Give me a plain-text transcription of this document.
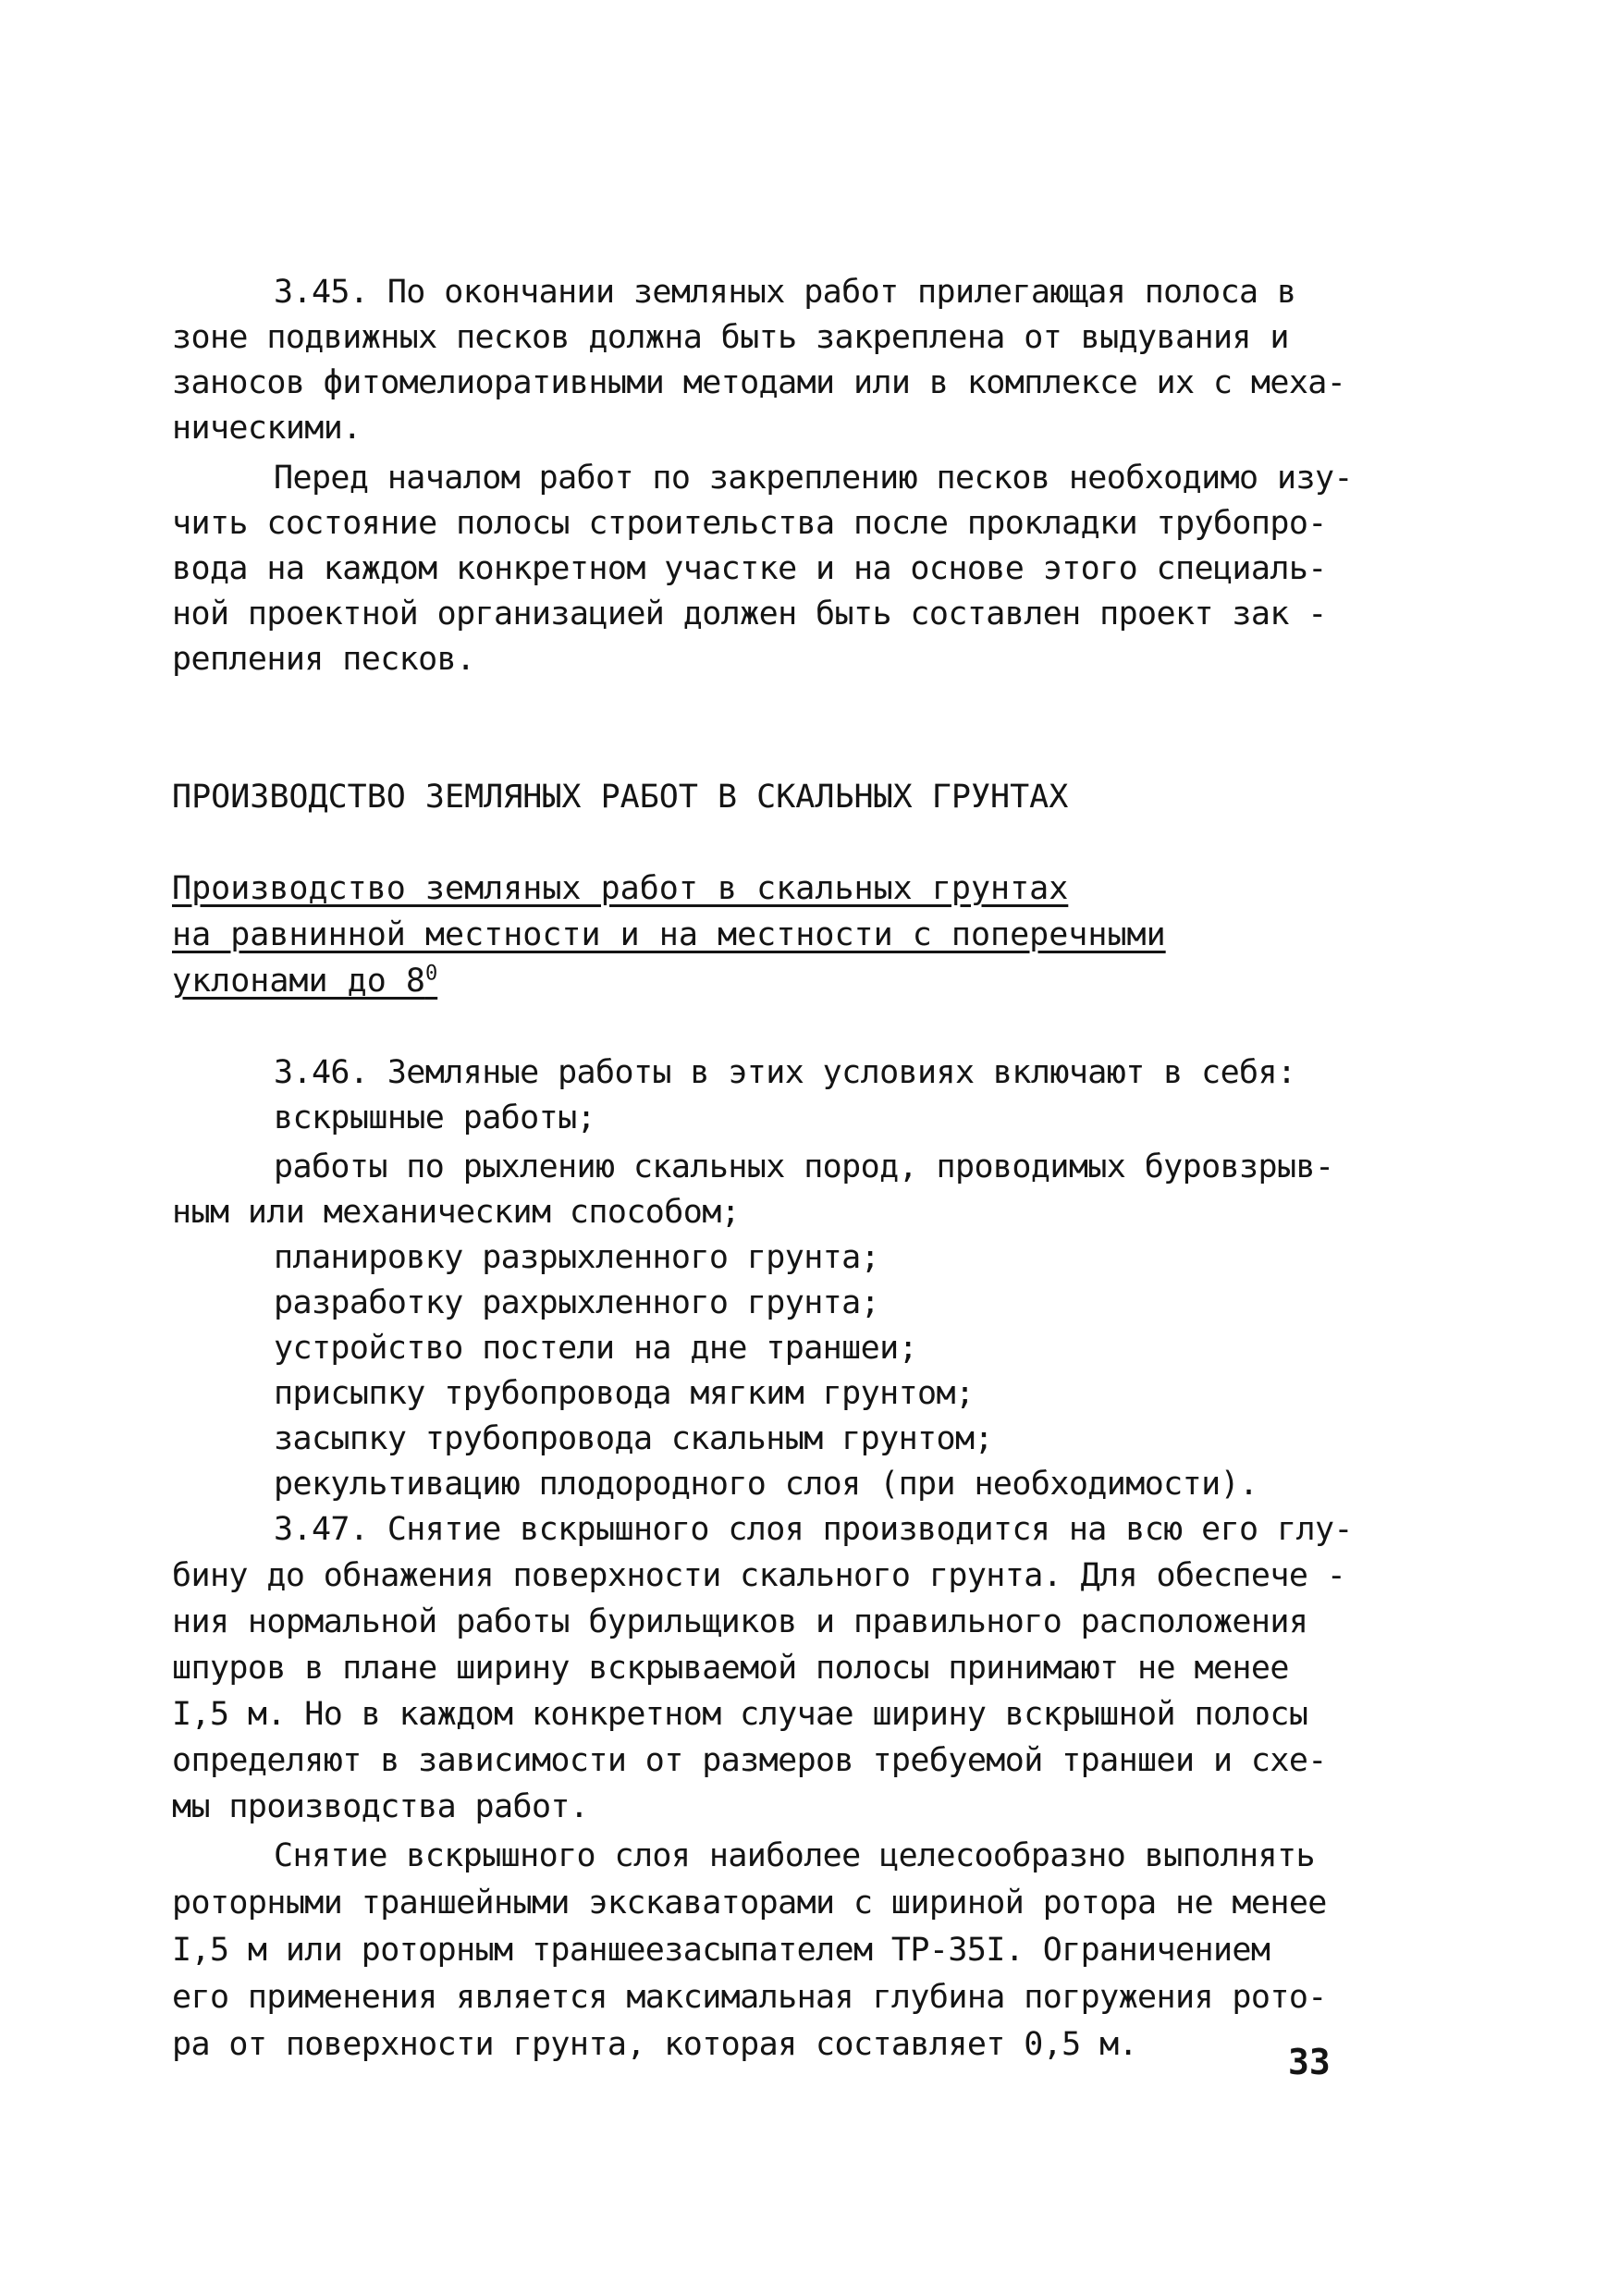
3.45. По окончании земляных работ прилегающая полоса в
зоне подвижных песков должна быть закреплена от выдувания и
заносов фитомелиоративными методами или в комплексе их с меха-
ническими.
Перед началом работ по закреплению песков необходимо изу-
чить состояние полосы строительства после прокладки трубопро-
вода на каждом конкретном участке и на основе этого специаль-
ной проектной организацией должен быть составлен проект зак -
репления песков.
ПРОИЗВОДСТВО ЗЕМЛЯНЫХ РАБОТ В СКАЛЬНЫХ ГРУНТАХ
Производство земляных работ в скальных грунтах
на равнинной местности и на местности с поперечными
уклонами до $8^0$
3.46. Земляные работы в этих условиях включают в себя:
вскрышные работы;
работы по рыхлению скальных пород, проводимых буровзрыв-
ным или механическим способом;
планировку разрыхленного грунта;
разработку рахрыхленного грунта;
устройство постели на дне траншеи;
присыпку трубопровода мягким грунтом;
засыпку трубопровода скальным грунтом;
рекультивацию плодородного слоя (при необходимости).
3.47. Снятие вскрышного слоя производится на всю его глу-
бину до обнажения поверхности скального грунта. Для обеспече -
ния нормальной работы бурильщиков и правильного расположения
шпуров в плане ширину вскрываемой полосы принимают не менее
I,5 м. Но в каждом конкретном случае ширину вскрышной полосы
определяют в зависимости от размеров требуемой траншеи и схе-
мы производства работ.
Снятие вскрышного слоя наиболее целесообразно выполнять
роторными траншейными экскаваторами с шириной ротора не менее
I,5 м или роторным траншеезасыпателем ТР-35I. Ограничением
его применения является максимальная глубина погружения рото-
ра от поверхности грунта, которая составляет 0,5 м.	33
